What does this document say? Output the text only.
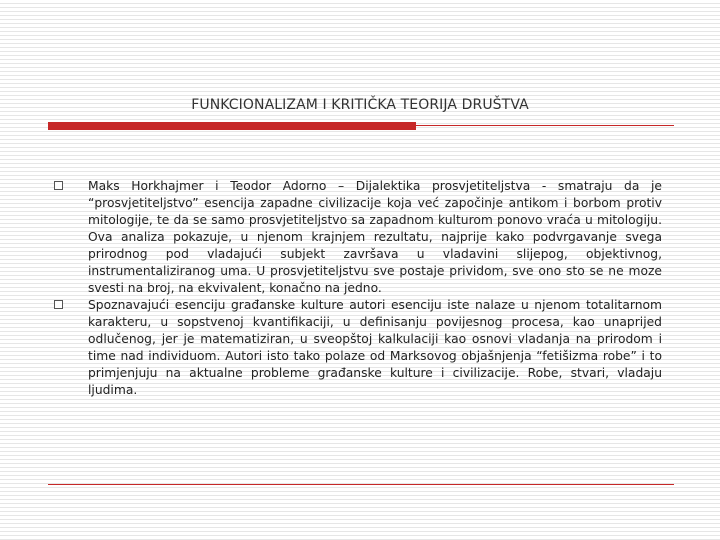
FUNKCIONALIZAM I KRITIČKA TEORIJA DRUŠTVA
Maks Horkhajmer i Teodor Adorno – Dijalektika prosvjetiteljstva - smatraju da je “prosvjetiteljstvo” esencija zapadne civilizacije koja već započinje antikom i borbom protiv mitologije, te da se samo prosvjetiteljstvo sa zapadnom kulturom ponovo vraća u mitologiju. Ova analiza pokazuje, u njenom krajnjem rezultatu, najprije kako podvrgavanje svega prirodnog pod vladajući subjekt završava u vladavini slijepog, objektivnog, instrumentaliziranog uma. U prosvjetiteljstvu sve postaje prividom, sve ono sto se ne moze svesti na broj, na ekvivalent, konačno na jedno.
Spoznavajući esenciju građanske kulture autori esenciju iste nalaze u njenom totalitarnom karakteru, u sopstvenoj kvantifikaciji, u definisanju povijesnog procesa, kao unaprijed odlučenog, jer je matematiziran, u sveopštoj kalkulaciji kao osnovi vladanja na prirodom i time nad individuom. Autori isto tako polaze od Marksovog objašnjenja “fetišizma robe” i to primjenjuju na aktualne probleme građanske kulture i civilizacije. Robe, stvari, vladaju ljudima.
